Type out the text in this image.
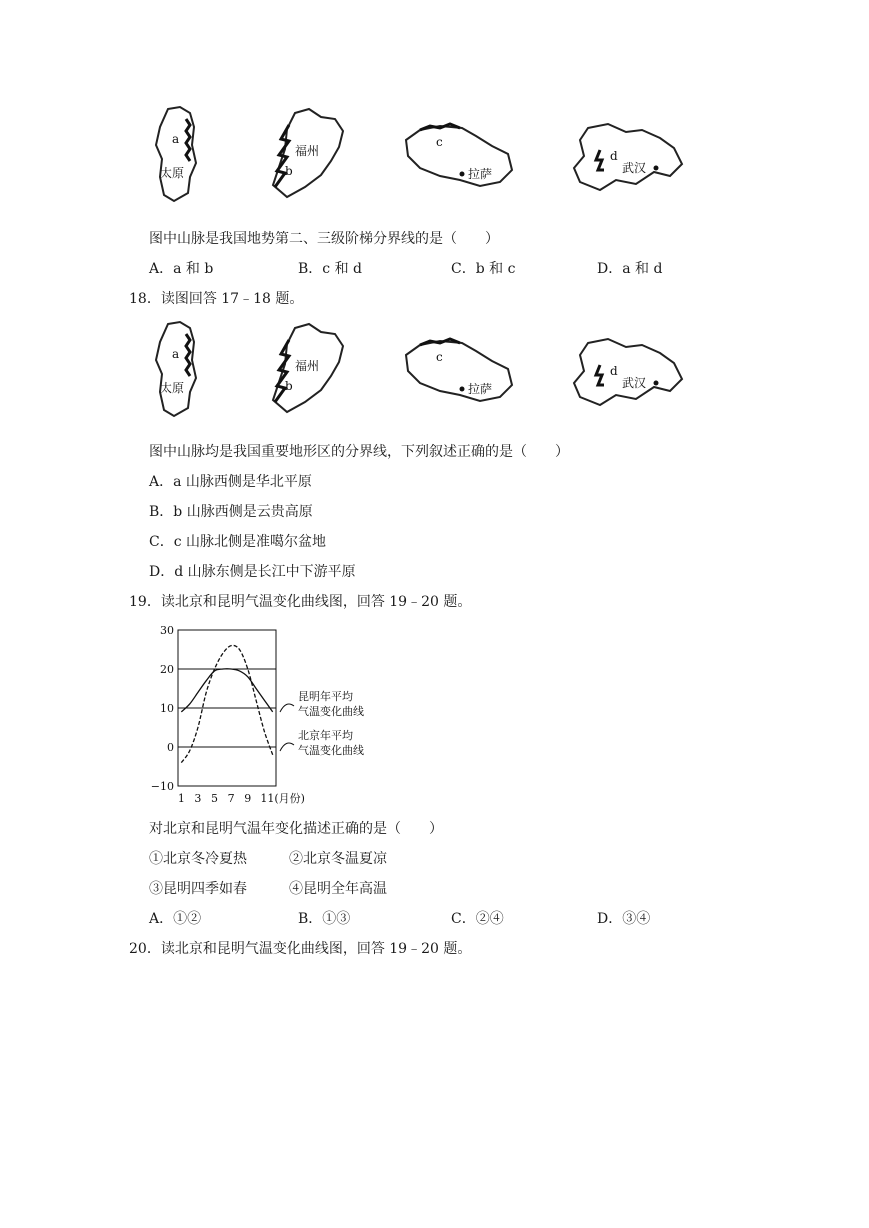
a
太原
福州
b
c
拉萨
d
武汉
图中山脉是我国地势第二、三级阶梯分界线的是（　　）
A．a 和 b	B．c 和 d	C．b 和 c	D．a 和 d
18．读图回答 17﹣18 题。
a
太原
福州
b
c
拉萨
d
武汉
图中山脉均是我国重要地形区的分界线，下列叙述正确的是（　　）
A．a 山脉西侧是华北平原
B．b 山脉西侧是云贵高原
C．c 山脉北侧是准噶尔盆地
D．d 山脉东侧是长江中下游平原
19．读北京和昆明气温变化曲线图，回答 19﹣20 题。
30
20
10
0
−10
1 3 5 7 9 11(月份)
昆明年平均
气温变化曲线
北京年平均
气温变化曲线
对北京和昆明气温年变化描述正确的是（　　）
①北京冬冷夏热	②北京冬温夏凉
③昆明四季如春	④昆明全年高温
A．①②	B．①③	C．②④	D．③④
20．读北京和昆明气温变化曲线图，回答 19﹣20 题。
